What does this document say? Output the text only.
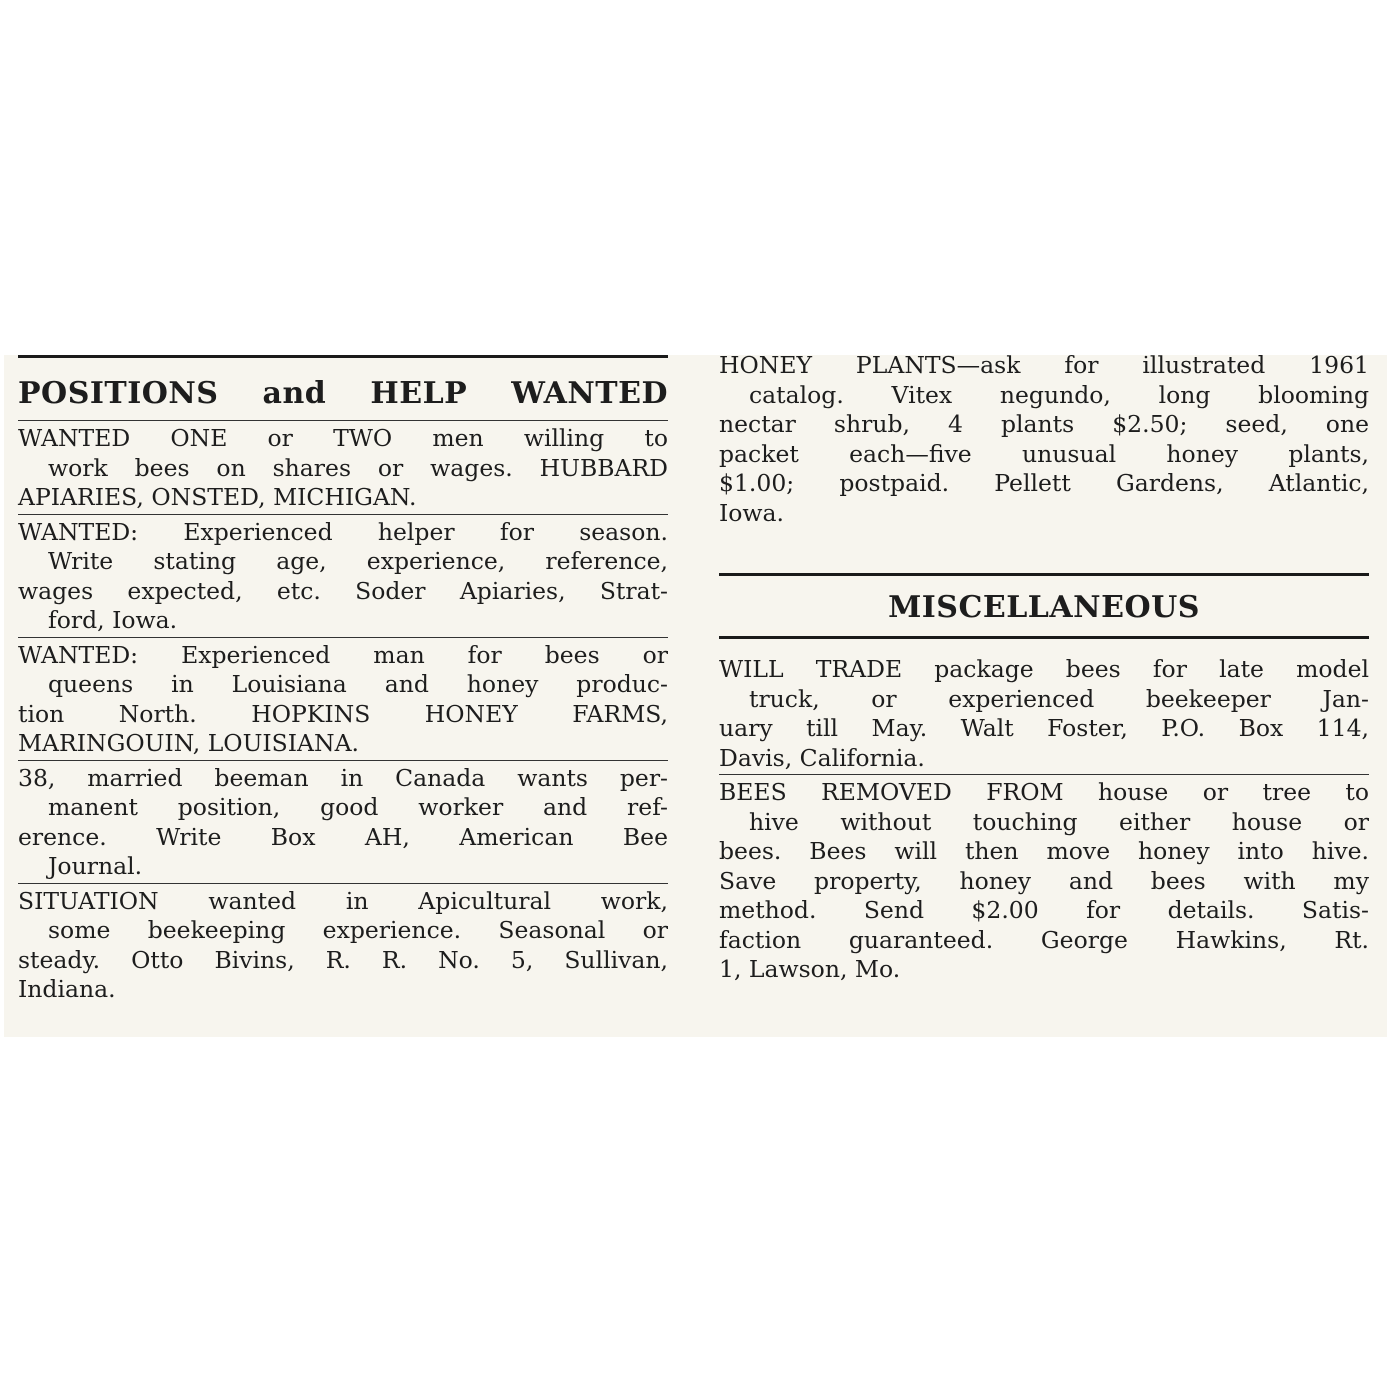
POSITIONS and HELP WANTED
WANTED ONE or TWO men willing to
work bees on shares or wages. HUBBARD
APIARIES, ONSTED, MICHIGAN.
WANTED: Experienced helper for season.
Write stating age, experience, reference,
wages expected, etc. Soder Apiaries, Strat-
ford, Iowa.
WANTED: Experienced man for bees or
queens in Louisiana and honey produc-
tion North. HOPKINS HONEY FARMS,
MARINGOUIN, LOUISIANA.
38, married beeman in Canada wants per-
manent position, good worker and ref-
erence. Write Box AH, American Bee
Journal.
SITUATION wanted in Apicultural work,
some beekeeping experience. Seasonal or
steady. Otto Bivins, R. R. No. 5, Sullivan,
Indiana.
HONEY PLANTS—ask for illustrated 1961
catalog. Vitex negundo, long blooming
nectar shrub, 4 plants $2.50; seed, one
packet each—five unusual honey plants,
$1.00; postpaid. Pellett Gardens, Atlantic,
Iowa.
MISCELLANEOUS
WILL TRADE package bees for late model
truck, or experienced beekeeper Jan-
uary till May. Walt Foster, P.O. Box 114,
Davis, California.
BEES REMOVED FROM house or tree to
hive without touching either house or
bees. Bees will then move honey into hive.
Save property, honey and bees with my
method. Send $2.00 for details. Satis-
faction guaranteed. George Hawkins, Rt.
1, Lawson, Mo.
